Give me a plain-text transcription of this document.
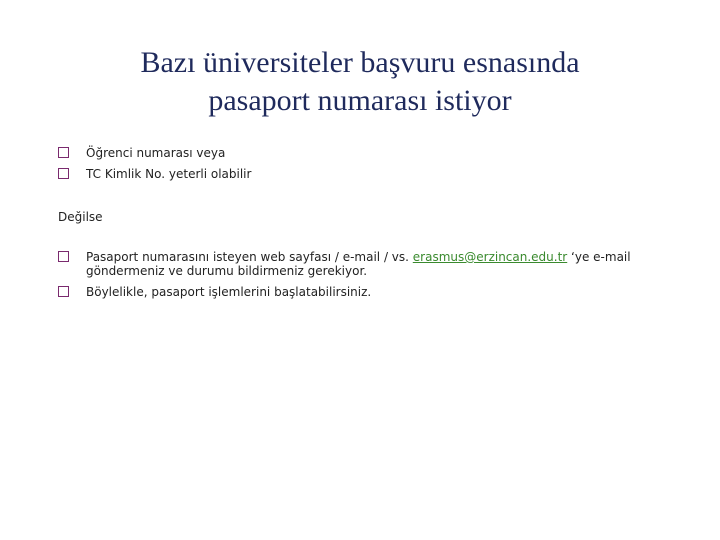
Bazı üniversiteler başvuru esnasında
pasaport numarası istiyor
Öğrenci numarası veya
TC Kimlik No. yeterli olabilir
Değilse
Pasaport numarasını isteyen web sayfası / e-mail / vs. erasmus@erzincan.edu.tr ‘ye e-mail göndermeniz ve durumu bildirmeniz gerekiyor.
Böylelikle, pasaport işlemlerini başlatabilirsiniz.
